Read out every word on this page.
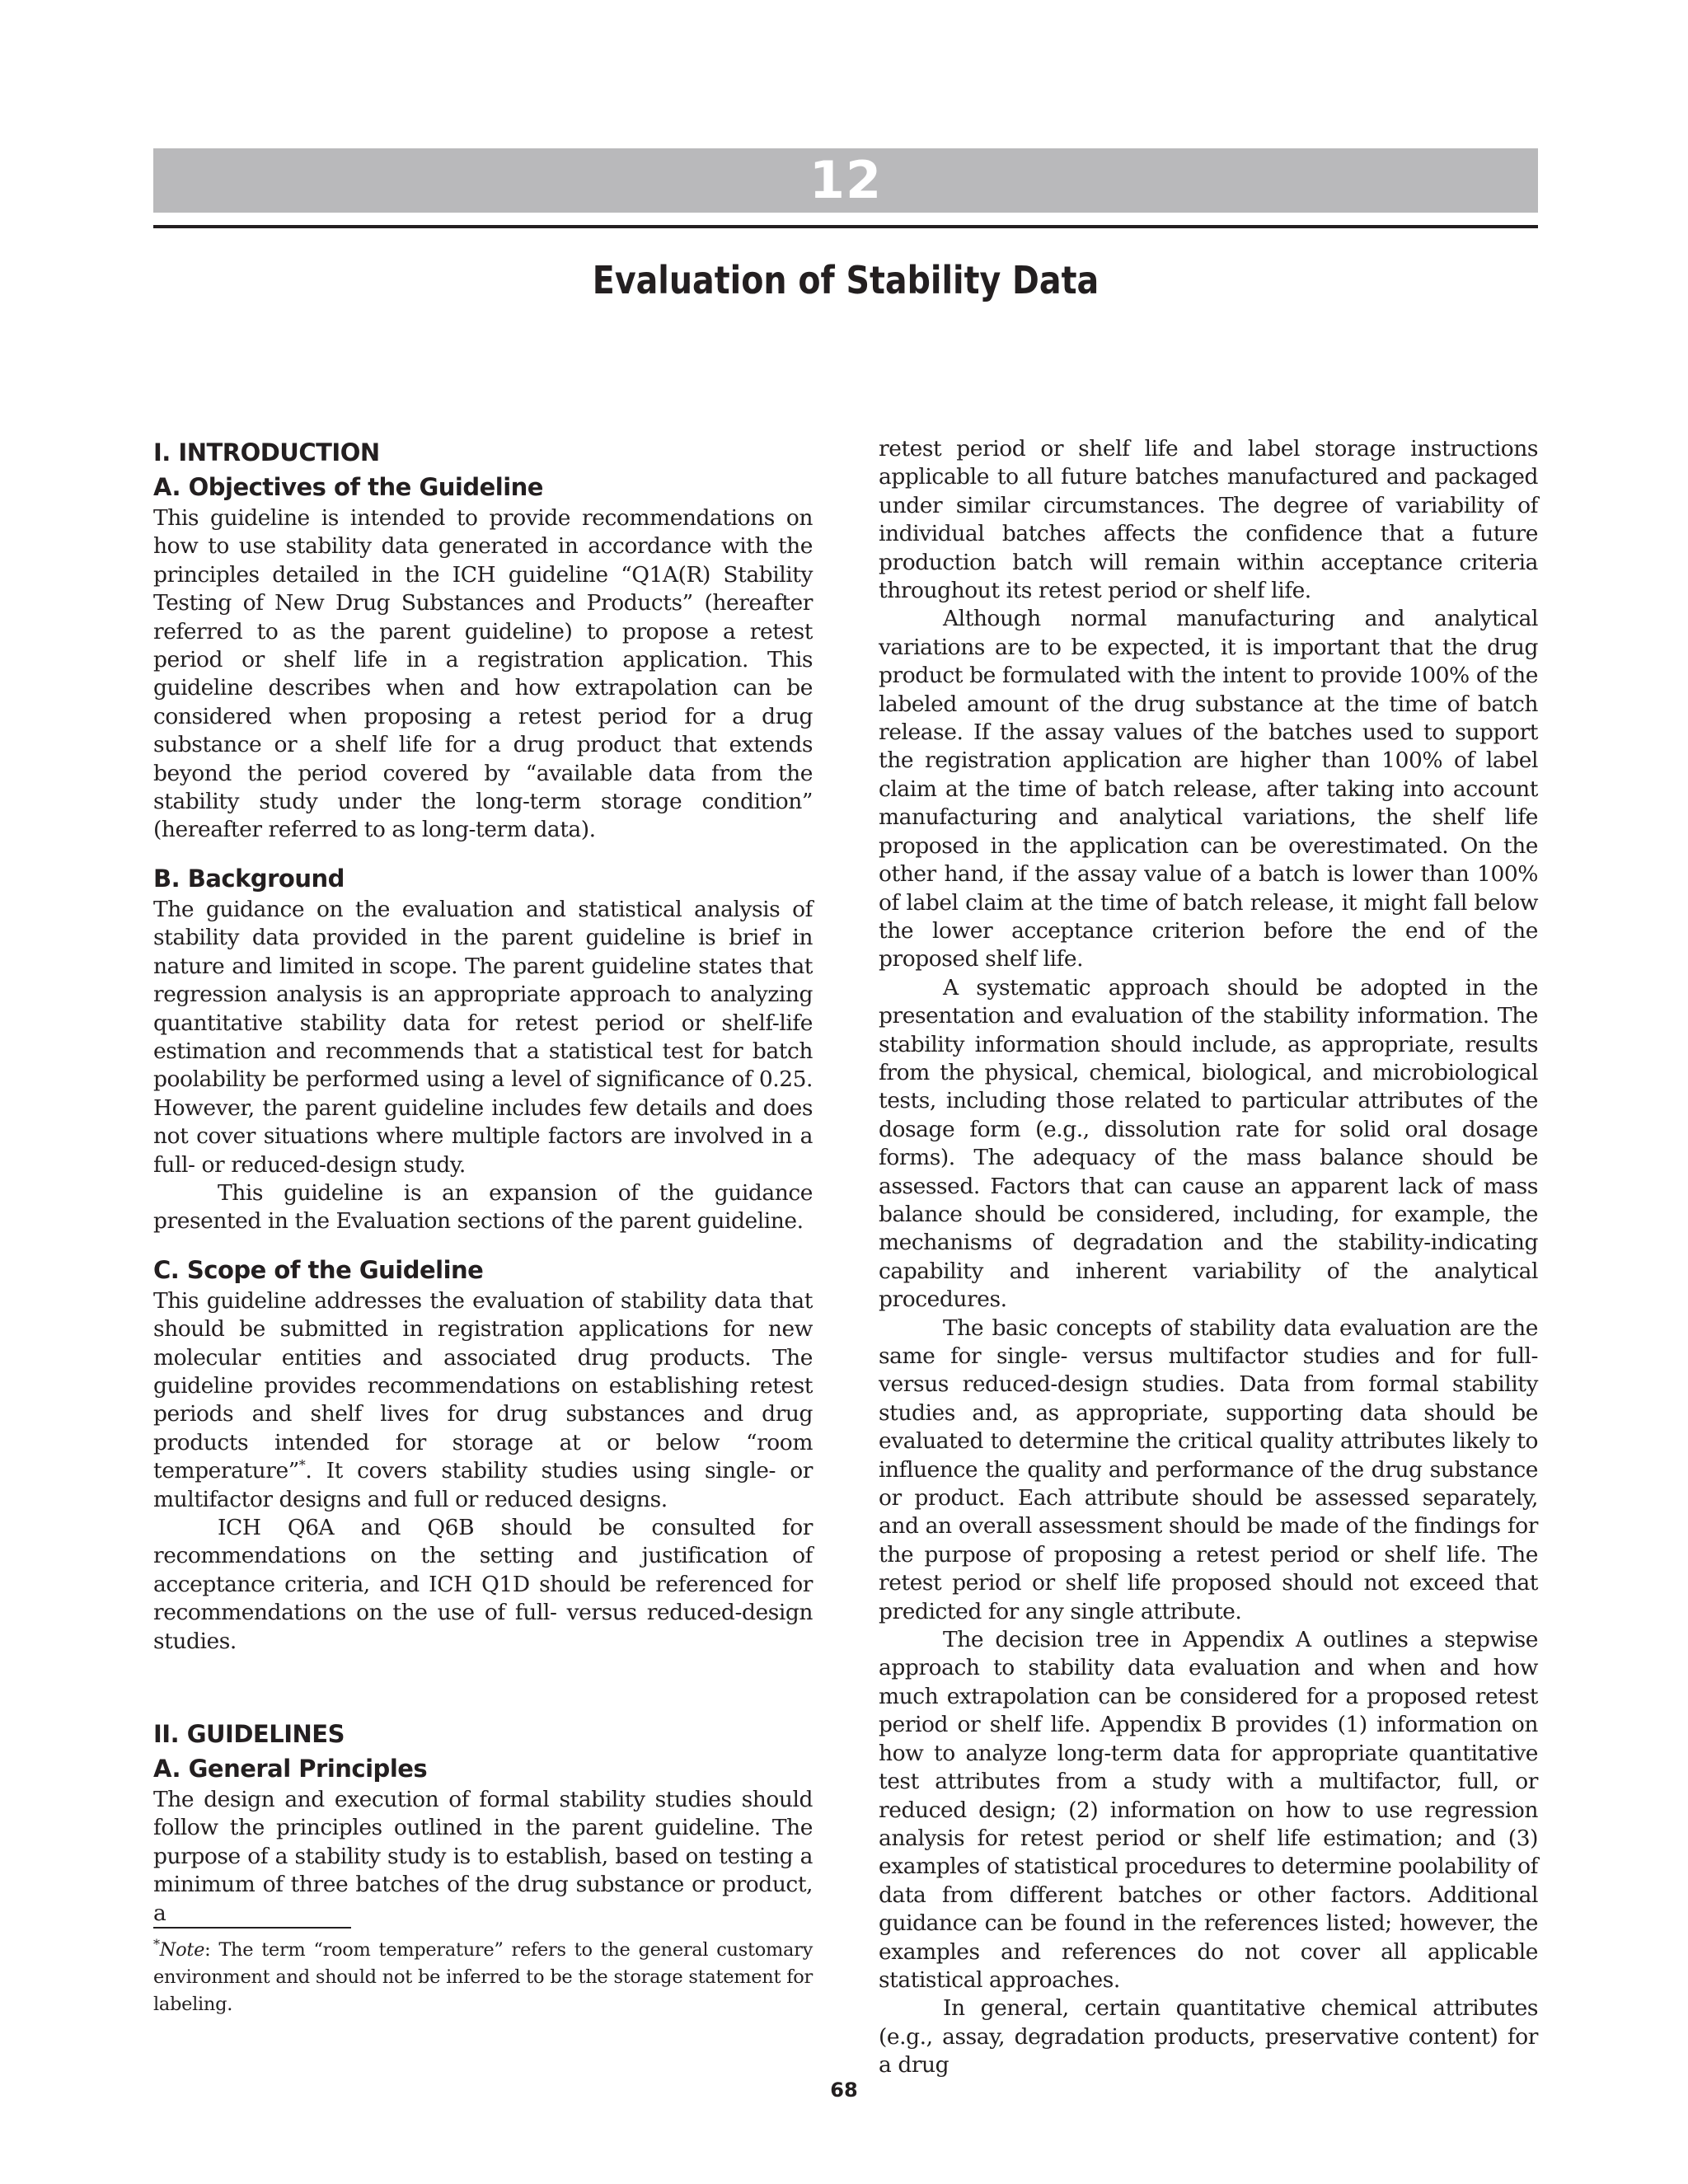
12
Evaluation of Stability Data
I. INTRODUCTION
A. Objectives of the Guideline

This guideline is intended to provide recommendations on how to use stability data generated in accordance with the principles detailed in the ICH guideline “Q1A(R) Stability Testing of New Drug Substances and Products” (hereafter referred to as the parent guideline) to propose a retest period or shelf life in a registration application. This guideline describes when and how extrapolation can be considered when proposing a retest period for a drug substance or a shelf life for a drug product that extends beyond the period covered by “available data from the stability study under the long-term storage condition” (hereafter referred to as long-term data).

B. Background

The guidance on the evaluation and statistical analysis of stability data provided in the parent guideline is brief in nature and limited in scope. The parent guideline states that regression analysis is an appropriate approach to analyzing quantitative stability data for retest period or shelf-life estimation and recommends that a statistical test for batch poolability be performed using a level of significance of 0.25. However, the parent guideline includes few details and does not cover situations where multiple factors are involved in a full- or reduced-design study.

This guideline is an expansion of the guidance presented in the Evaluation sections of the parent guideline.

C. Scope of the Guideline

This guideline addresses the evaluation of stability data that should be submitted in registration applications for new molecular entities and associated drug products. The guideline provides recommendations on establishing retest periods and shelf lives for drug substances and drug products intended for storage at or below “room temperature”*. It covers stability studies using single- or multifactor designs and full or reduced designs.

ICH Q6A and Q6B should be consulted for recommendations on the setting and justification of acceptance criteria, and ICH Q1D should be referenced for recommendations on the use of full- versus reduced-design studies.

II. GUIDELINES
A. General Principles

The design and execution of formal stability studies should follow the principles outlined in the parent guideline. The purpose of a stability study is to establish, based on testing a minimum of three batches of the drug substance or product, a

retest period or shelf life and label storage instructions applicable to all future batches manufactured and packaged under similar circumstances. The degree of variability of individual batches affects the confidence that a future production batch will remain within acceptance criteria throughout its retest period or shelf life.

Although normal manufacturing and analytical variations are to be expected, it is important that the drug product be formulated with the intent to provide 100% of the labeled amount of the drug substance at the time of batch release. If the assay values of the batches used to support the registration application are higher than 100% of label claim at the time of batch release, after taking into account manufacturing and analytical variations, the shelf life proposed in the application can be overestimated. On the other hand, if the assay value of a batch is lower than 100% of label claim at the time of batch release, it might fall below the lower acceptance criterion before the end of the proposed shelf life.

A systematic approach should be adopted in the presentation and evaluation of the stability information. The stability information should include, as appropriate, results from the physical, chemical, biological, and microbiological tests, including those related to particular attributes of the dosage form (e.g., dissolution rate for solid oral dosage forms). The adequacy of the mass balance should be assessed. Factors that can cause an apparent lack of mass balance should be considered, including, for example, the mechanisms of degradation and the stability-indicating capability and inherent variability of the analytical procedures.

The basic concepts of stability data evaluation are the same for single- versus multifactor studies and for full- versus reduced-design studies. Data from formal stability studies and, as appropriate, supporting data should be evaluated to determine the critical quality attributes likely to influence the quality and performance of the drug substance or product. Each attribute should be assessed separately, and an overall assessment should be made of the findings for the purpose of proposing a retest period or shelf life. The retest period or shelf life proposed should not exceed that predicted for any single attribute.

The decision tree in Appendix A outlines a stepwise approach to stability data evaluation and when and how much extrapolation can be considered for a proposed retest period or shelf life. Appendix B provides (1) information on how to analyze long-term data for appropriate quantitative test attributes from a study with a multifactor, full, or reduced design; (2) information on how to use regression analysis for retest period or shelf life estimation; and (3) examples of statistical procedures to determine poolability of data from different batches or other factors. Additional guidance can be found in the references listed; however, the examples and references do not cover all applicable statistical approaches.

In general, certain quantitative chemical attributes (e.g., assay, degradation products, preservative content) for a drug

*Note: The term “room temperature” refers to the general customary environment and should not be inferred to be the storage statement for labeling.

68
